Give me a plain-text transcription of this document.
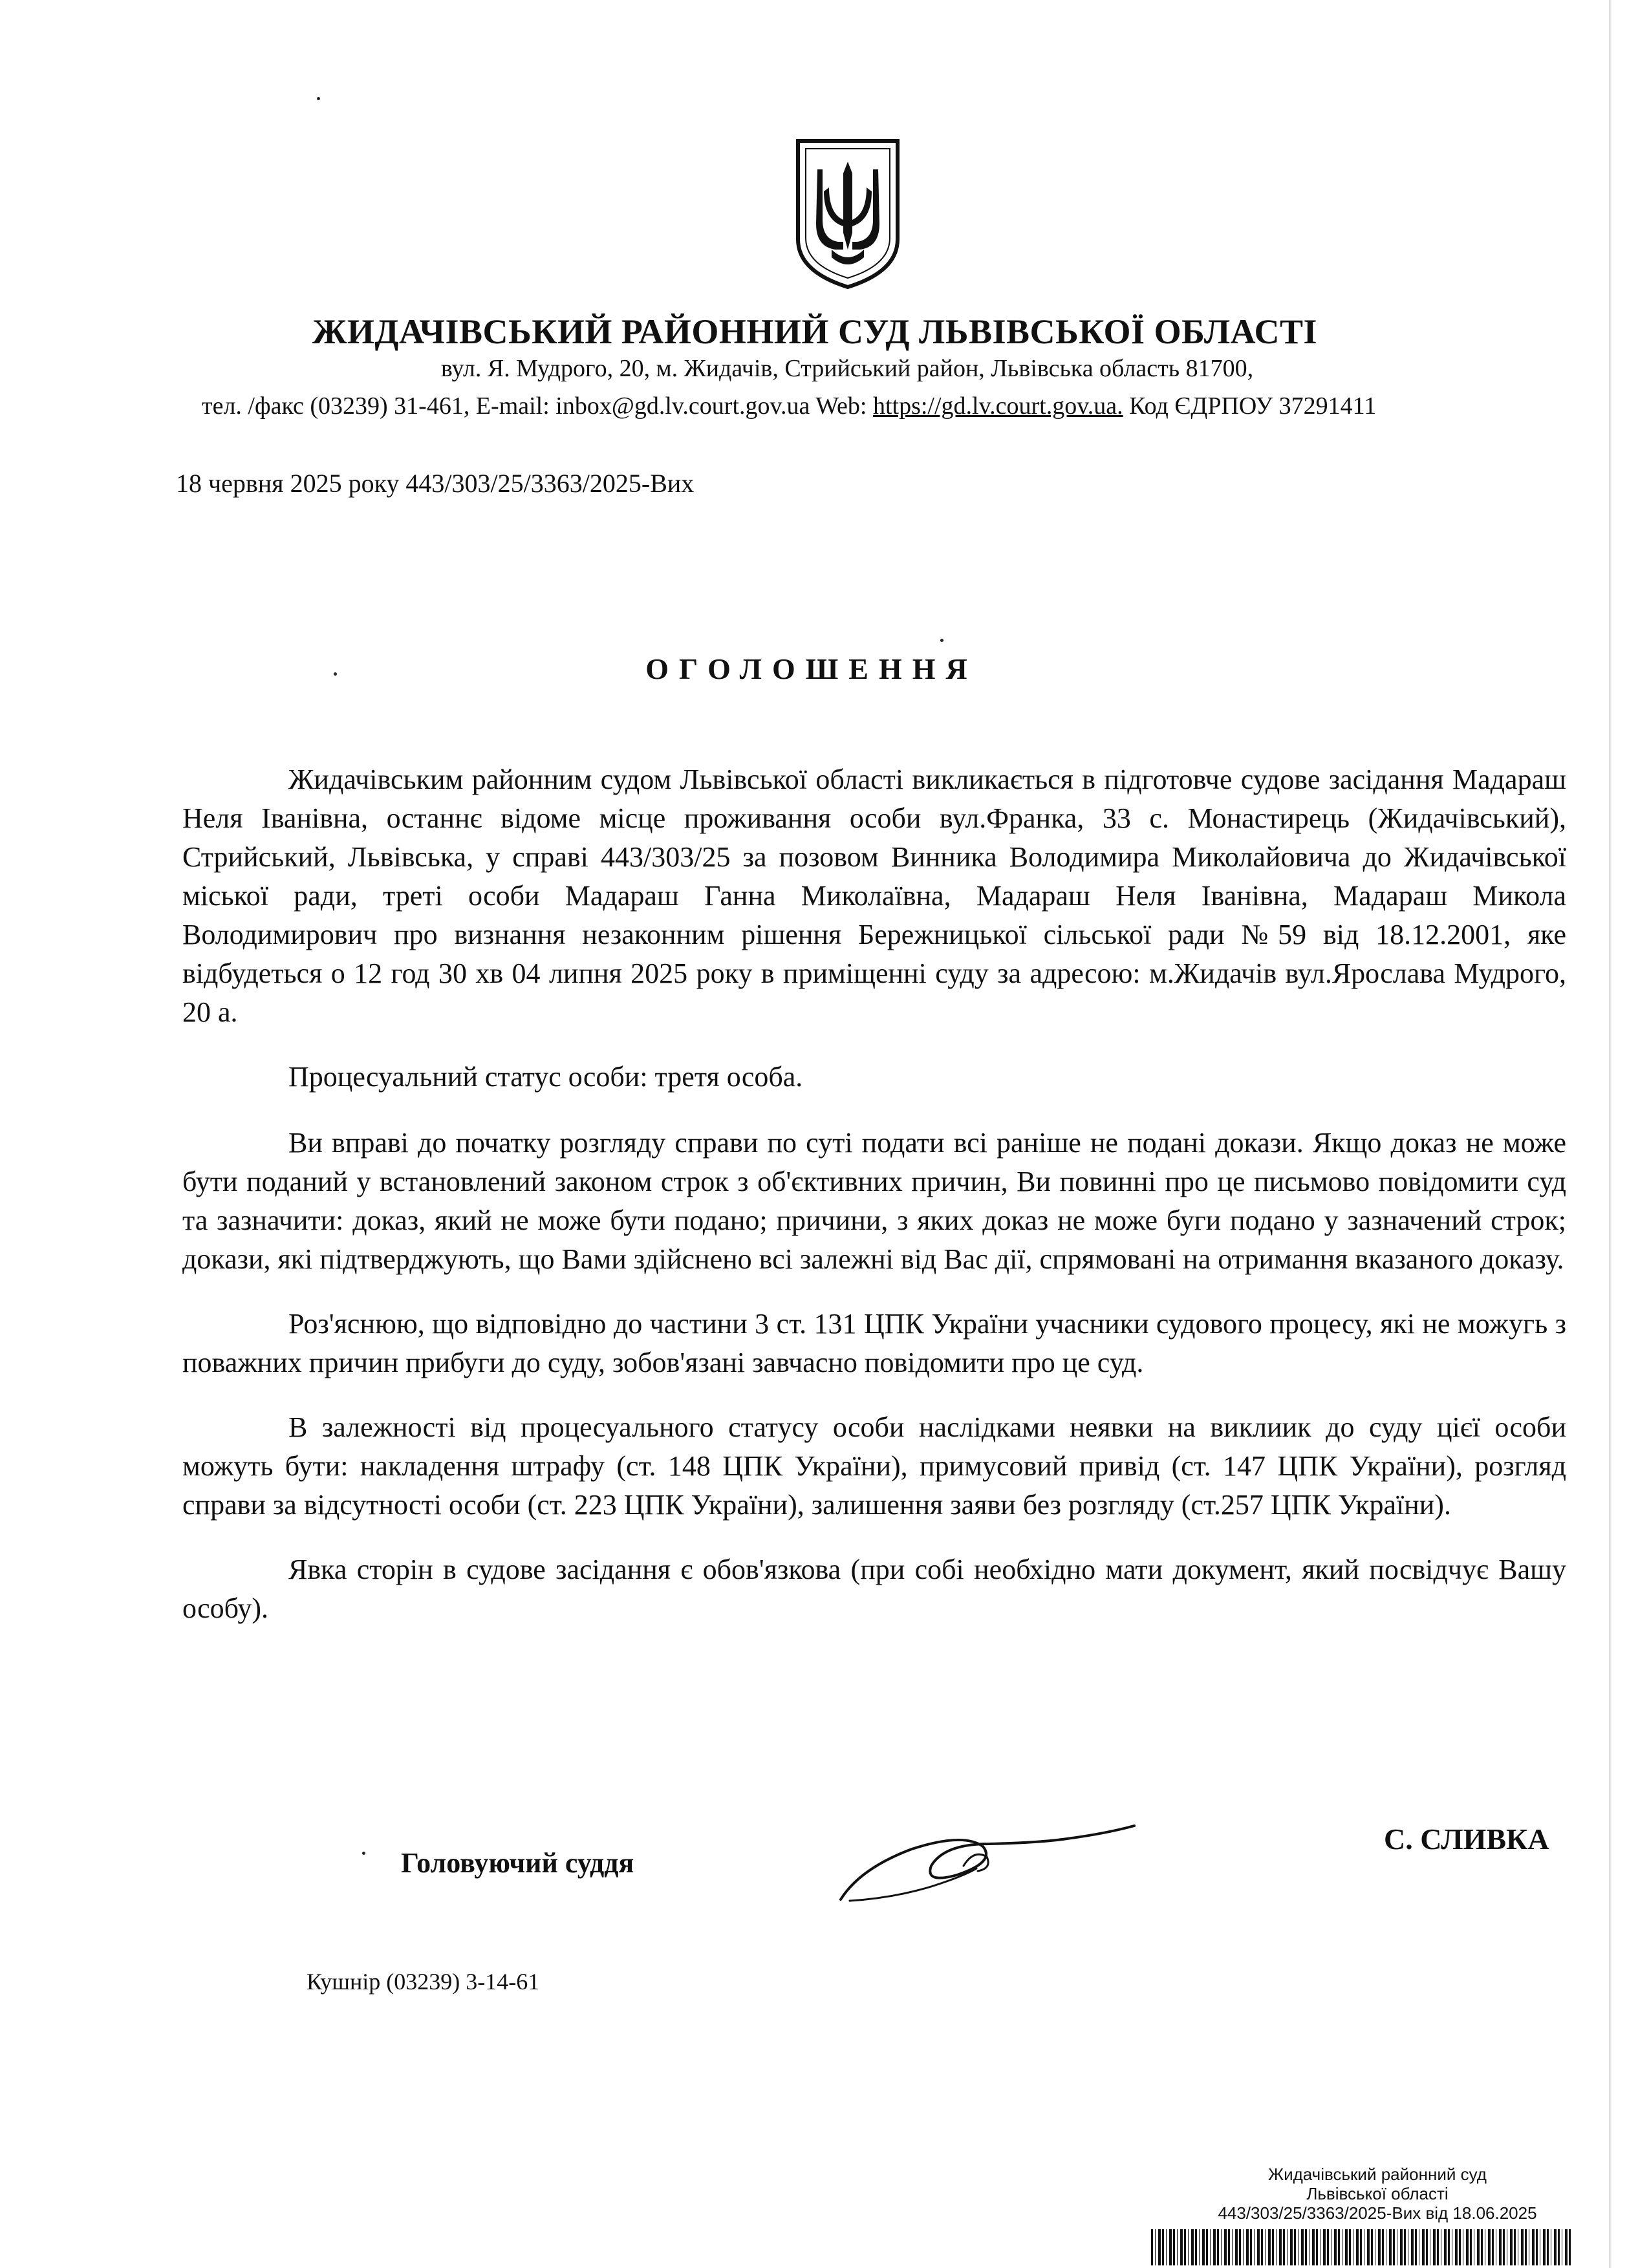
ЖИДАЧІВСЬКИЙ РАЙОННИЙ СУД ЛЬВІВСЬКОЇ ОБЛАСТІ
вул. Я. Мудрого, 20, м. Жидачів, Стрийський район, Львівська область 81700,
тел. /факс (03239) 31-461, E-mail: inbox@gd.lv.court.gov.ua Web: https://gd.lv.court.gov.ua. Код ЄДРПОУ 37291411
18 червня 2025 року 443/303/25/3363/2025-Вих
ОГОЛОШЕННЯ

Жидачівським районним судом Львівської області викликається в підготовче судове засідання Мадараш Неля Іванівна, останнє відоме місце проживання особи вул.Франка, 33 с. Монастирець (Жидачівський), Стрийський, Львівська, у справі 443/303/25 за позовом Винника Володимира Миколайовича до Жидачівської міської ради, треті особи Мадараш Ганна Миколаївна, Мадараш Неля Іванівна, Мадараш Микола Володимирович про визнання незаконним рішення Бережницької сільської ради №59 від 18.12.2001, яке відбудеться о 12 год 30 хв 04 липня 2025 року в приміщенні суду за адресою: м.Жидачів вул.Ярослава Мудрого, 20 а.

Процесуальний статус особи: третя особа.

Ви вправі до початку розгляду справи по суті подати всі раніше не подані докази. Якщо доказ не може бути поданий у встановлений законом строк з об'єктивних причин, Ви повинні про це письмово повідомити суд та зазначити: доказ, який не може бути подано; причини, з яких доказ не може буги подано у зазначений строк; докази, які підтверджують, що Вами здійснено всі залежні від Вас дії, спрямовані на отримання вказаного доказу.

Роз'яснюю, що відповідно до частини 3 ст. 131 ЦПК України учасники судового процесу, які не можугь з поважних причин прибуги до суду, зобов'язані завчасно повідомити про це суд.

В залежності від процесуального статусу особи наслідками неявки на виклиик до суду цієї особи можуть бути: накладення штрафу (ст. 148 ЦПК України), примусовий привід (ст. 147 ЦПК України), розгляд справи за відсутності особи (ст. 223 ЦПК України), залишення заяви без розгляду (ст.257 ЦПК України).

Явка сторін в судове засідання є обов'язкова (при собі необхідно мати документ, який посвідчує Вашу особу).

Головуючий суддя
С. СЛИВКА
Кушнір (03239) 3-14-61
Жидачівський районний суд
Львівської області
443/303/25/3363/2025-Вих від 18.06.2025
